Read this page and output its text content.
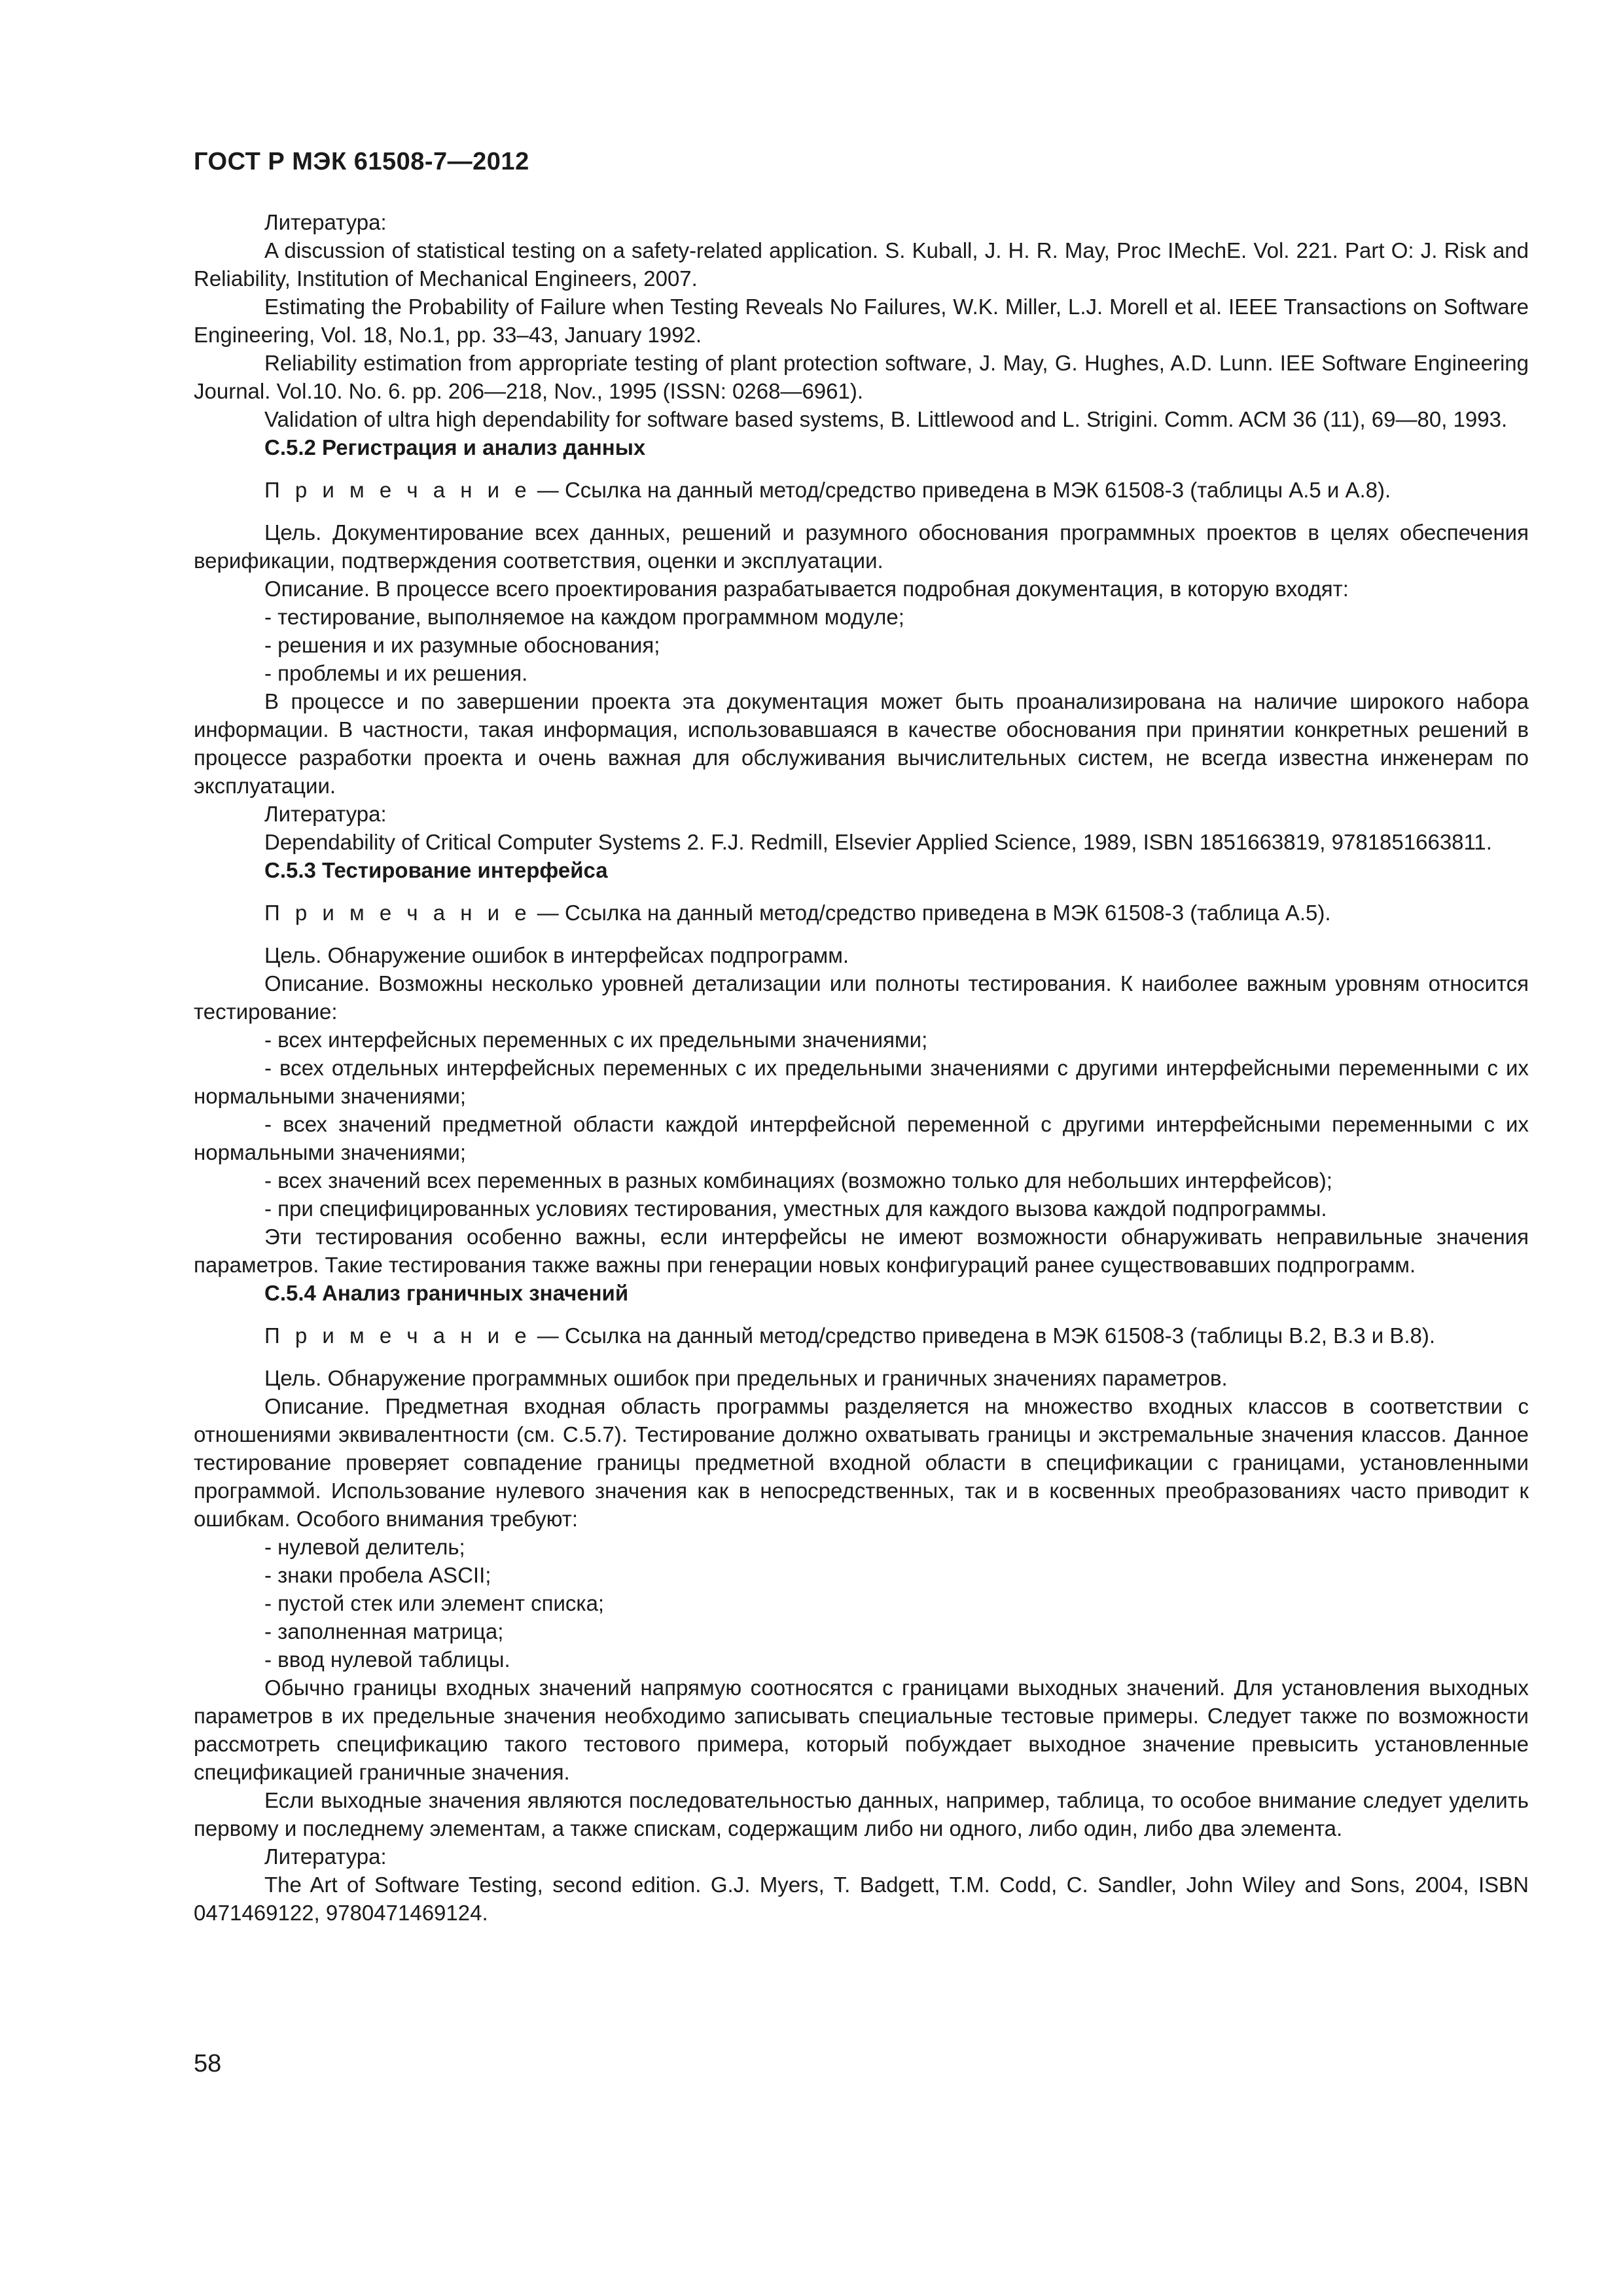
ГОСТ Р МЭК 61508-7—2012

Литература:

A discussion of statistical testing on a safety-related application. S. Kuball, J. H. R. May, Proc IMechE. Vol. 221. Part O: J. Risk and Reliability, Institution of Mechanical Engineers, 2007.

Estimating the Probability of Failure when Testing Reveals No Failures, W.K. Miller, L.J. Morell et al. IEEE Transactions on Software Engineering, Vol. 18, No.1, pp. 33–43, January 1992.

Reliability estimation from appropriate testing of plant protection software, J. May, G. Hughes, A.D. Lunn. IEE Software Engineering Journal. Vol.10. No. 6. pp. 206—218, Nov., 1995 (ISSN: 0268—6961).

Validation of ultra high dependability for software based systems, B. Littlewood and L. Strigini. Comm. ACM 36 (11), 69—80, 1993.

C.5.2 Регистрация и анализ данных

П р и м е ч а н и е — Ссылка на данный метод/средство приведена в МЭК 61508-3 (таблицы А.5 и А.8).

Цель. Документирование всех данных, решений и разумного обоснования программных проектов в целях обеспечения верификации, подтверждения соответствия, оценки и эксплуатации.

Описание. В процессе всего проектирования разрабатывается подробная документация, в которую входят:

- тестирование, выполняемое на каждом программном модуле;

- решения и их разумные обоснования;

- проблемы и их решения.

В процессе и по завершении проекта эта документация может быть проанализирована на наличие широкого набора информации. В частности, такая информация, использовавшаяся в качестве обоснования при принятии конкретных решений в процессе разработки проекта и очень важная для обслуживания вычислительных систем, не всегда известна инженерам по эксплуатации.

Литература:

Dependability of Critical Computer Systems 2. F.J. Redmill, Elsevier Applied Science, 1989, ISBN 1851663819, 9781851663811.

C.5.3 Тестирование интерфейса

П р и м е ч а н и е — Ссылка на данный метод/средство приведена в МЭК 61508-3 (таблица А.5).

Цель. Обнаружение ошибок в интерфейсах подпрограмм.

Описание. Возможны несколько уровней детализации или полноты тестирования. К наиболее важным уровням относится тестирование:

- всех интерфейсных переменных с их предельными значениями;

- всех отдельных интерфейсных переменных с их предельными значениями с другими интерфейсными переменными с их нормальными значениями;

- всех значений предметной области каждой интерфейсной переменной с другими интерфейсными переменными с их нормальными значениями;

- всех значений всех переменных в разных комбинациях (возможно только для небольших интерфейсов);

- при специфицированных условиях тестирования, уместных для каждого вызова каждой подпрограммы.

Эти тестирования особенно важны, если интерфейсы не имеют возможности обнаруживать неправильные значения параметров. Такие тестирования также важны при генерации новых конфигураций ранее существовавших подпрограмм.

C.5.4 Анализ граничных значений

П р и м е ч а н и е — Ссылка на данный метод/средство приведена в МЭК 61508-3 (таблицы В.2, В.3 и В.8).

Цель. Обнаружение программных ошибок при предельных и граничных значениях параметров.

Описание. Предметная входная область программы разделяется на множество входных классов в соответствии с отношениями эквивалентности (см. С.5.7). Тестирование должно охватывать границы и экстремальные значения классов. Данное тестирование проверяет совпадение границы предметной входной области в спецификации с границами, установленными программой. Использование нулевого значения как в непосредственных, так и в косвенных преобразованиях часто приводит к ошибкам. Особого внимания требуют:

- нулевой делитель;

- знаки пробела ASCII;

- пустой стек или элемент списка;

- заполненная матрица;

- ввод нулевой таблицы.

Обычно границы входных значений напрямую соотносятся с границами выходных значений. Для установления выходных параметров в их предельные значения необходимо записывать специальные тестовые примеры. Следует также по возможности рассмотреть спецификацию такого тестового примера, который побуждает выходное значение превысить установленные спецификацией граничные значения.

Если выходные значения являются последовательностью данных, например, таблица, то особое внимание следует уделить первому и последнему элементам, а также спискам, содержащим либо ни одного, либо один, либо два элемента.

Литература:

The Art of Software Testing, second edition. G.J. Myers, T. Badgett, T.M. Codd, C. Sandler, John Wiley and Sons, 2004, ISBN 0471469122, 9780471469124.

58
